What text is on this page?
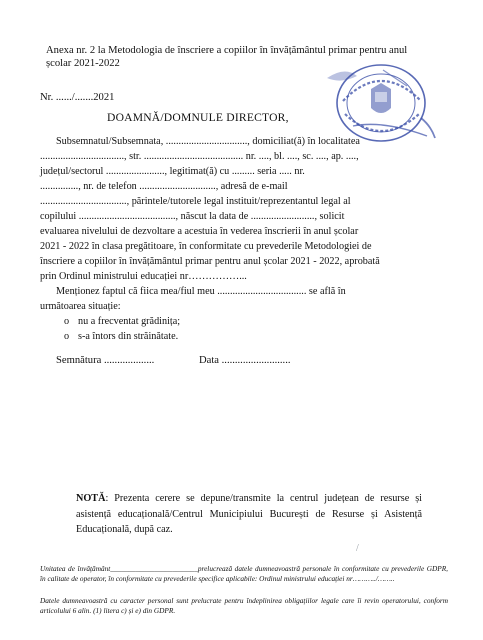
Anexa nr. 2 la Metodologia de înscriere a copiilor în învățământul primar pentru anul școlar 2021-2022
Nr. ....../.......2021
DOAMNĂ/DOMNULE DIRECTOR,
Subsemnatul/Subsemnata, ................................, domiciliat(ă) în localitatea
................................., str. ....................................... nr. ...., bl. ...., sc. ...., ap. ....,
județul/sectorul ......................., legitimat(ă) cu ......... seria ..... nr.
..............., nr. de telefon .............................., adresă de e-mail
.................................., părintele/tutorele legal instituit/reprezentantul legal al
copilului ......................................, născut la data de ........................., solicit
evaluarea nivelului de dezvoltare a acestuia în vederea înscrierii în anul școlar
2021 - 2022 în clasa pregătitoare, în conformitate cu prevederile Metodologiei de
înscriere a copiilor în învățământul primar pentru anul școlar 2021 - 2022, aprobată
prin Ordinul ministrului educației nr……………...
Menționez faptul că fiica mea/fiul meu ................................... se află în
următoarea situație:
o nu a frecventat grădinița;
o s-a întors din străinătate.
Semnătura ...................	Data ..........................
NOTĂ: Prezenta cerere se depune/transmite la centrul județean de resurse și asistență educațională/Centrul Municipiului București de Resurse și Asistență Educațională, după caz.
/
Unitatea de învățământ________________________prelucrează datele dumneavoastră personale în conformitate cu prevederile GDPR, în calitate de operator, în conformitate cu prevederile specifice aplicabile: Ordinul ministrului educației nr………../……..
Datele dumneavoastră cu caracter personal sunt prelucrate pentru îndeplinirea obligațiilor legale care îi revin operatorului, conform articolului 6 alin. (1) litera c) și e) din GDPR.
